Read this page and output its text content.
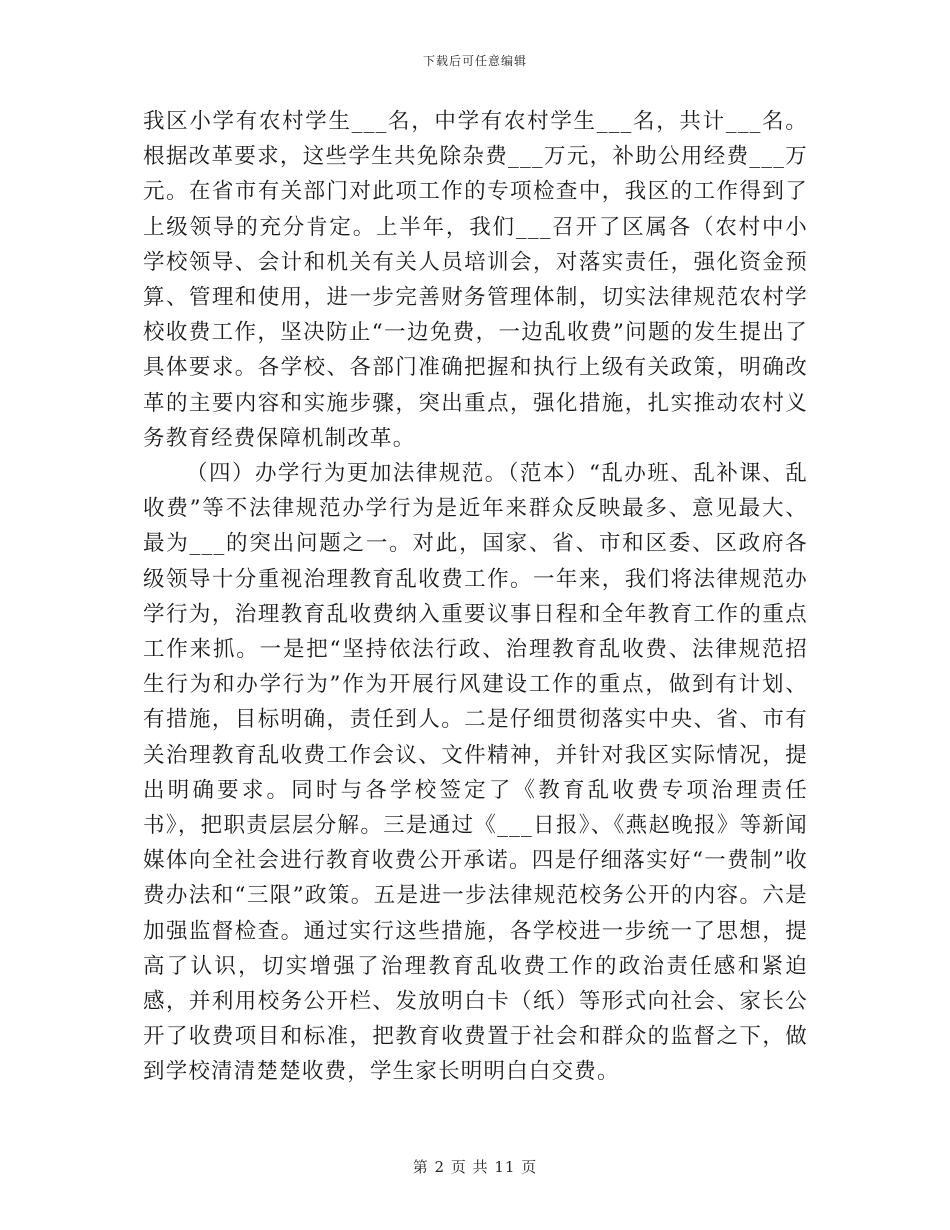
下载后可任意编辑

我区小学有农村学生___名，中学有农村学生___名，共计___名。根据改革要求，这些学生共免除杂费___万元，补助公用经费___万元。在省市有关部门对此项工作的专项检查中，我区的工作得到了上级领导的充分肯定。上半年，我们___召开了区属各（农村中小学校领导、会计和机关有关人员培训会，对落实责任，强化资金预算、管理和使用，进一步完善财务管理体制，切实法律规范农村学校收费工作，坚决防止“一边免费，一边乱收费”问题的发生提出了具体要求。各学校、各部门准确把握和执行上级有关政策，明确改革的主要内容和实施步骤，突出重点，强化措施，扎实推动农村义务教育经费保障机制改革。

（四）办学行为更加法律规范。（范本）“乱办班、乱补课、乱收费”等不法律规范办学行为是近年来群众反映最多、意见最大、最为___的突出问题之一。对此，国家、省、市和区委、区政府各级领导十分重视治理教育乱收费工作。一年来，我们将法律规范办学行为，治理教育乱收费纳入重要议事日程和全年教育工作的重点工作来抓。一是把“坚持依法行政、治理教育乱收费、法律规范招生行为和办学行为”作为开展行风建设工作的重点，做到有计划、有措施，目标明确，责任到人。二是仔细贯彻落实中央、省、市有关治理教育乱收费工作会议、文件精神，并针对我区实际情况，提出明确要求。同时与各学校签定了《教育乱收费专项治理责任书》，把职责层层分解。三是通过《___日报》、《燕赵晚报》等新闻媒体向全社会进行教育收费公开承诺。四是仔细落实好“一费制”收费办法和“三限”政策。五是进一步法律规范校务公开的内容。六是加强监督检查。通过实行这些措施，各学校进一步统一了思想，提高了认识，切实增强了治理教育乱收费工作的政治责任感和紧迫感，并利用校务公开栏、发放明白卡（纸）等形式向社会、家长公开了收费项目和标准，把教育收费置于社会和群众的监督之下，做到学校清清楚楚收费，学生家长明明白白交费。

第 2 页 共 11 页
